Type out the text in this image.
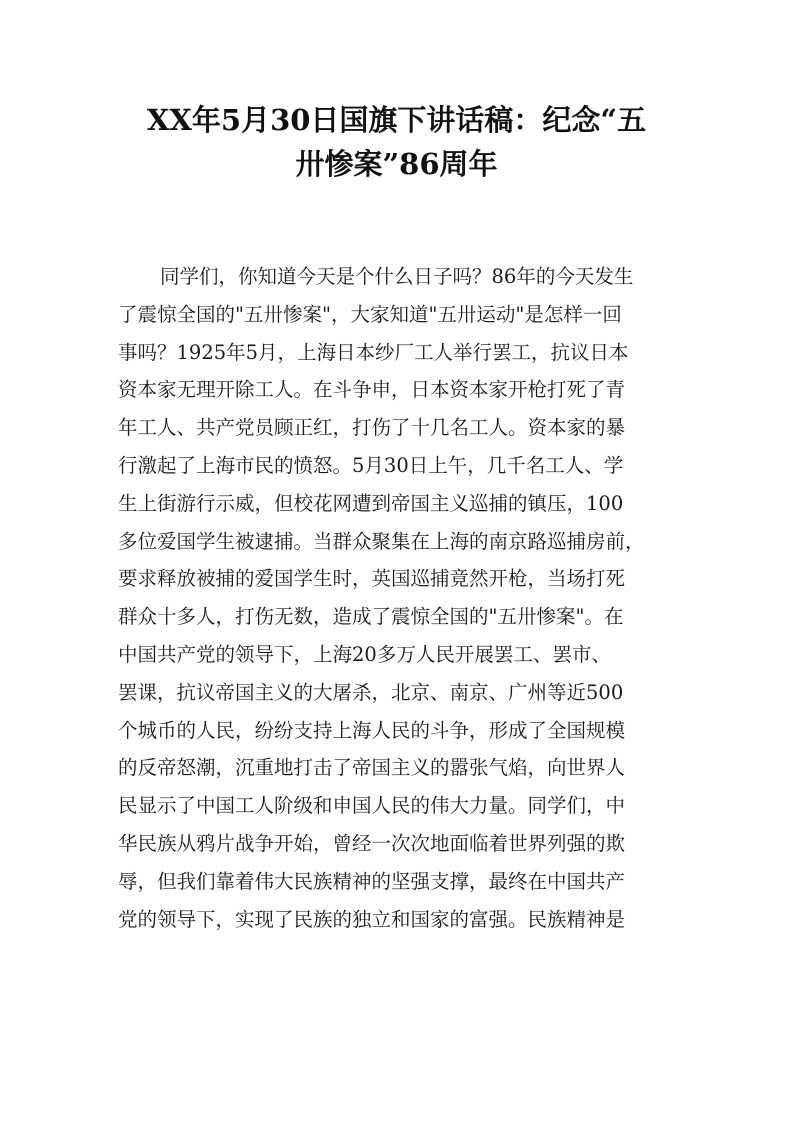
XX年5月30日国旗下讲话稿：纪念“五
卅惨案”86周年
同学们，你知道今天是个什么日子吗？86年的今天发生
了震惊全国的"五卅惨案"，大家知道"五卅运动"是怎样一回
事吗？1925年5月，上海日本纱厂工人举行罢工，抗议日本
资本家无理开除工人。在斗争申，日本资本家开枪打死了青
年工人、共产党员顾正红，打伤了十几名工人。资本家的暴
行激起了上海市民的愤怒。5月30日上午，几千名工人、学
生上街游行示威，但校花网遭到帝国主义巡捕的镇压，100
多位爱国学生被逮捕。当群众聚集在上海的南京路巡捕房前，
要求释放被捕的爱国学生时，英国巡捕竟然开枪，当场打死
群众十多人，打伤无数，造成了震惊全国的"五卅惨案"。在
中国共产党的领导下，上海20多万人民开展罢工、罢市、
罢课，抗议帝国主义的大屠杀，北京、南京、广州等近500
个城币的人民，纷纷支持上海人民的斗争，形成了全国规模
的反帝怒潮，沉重地打击了帝国主义的嚣张气焰，向世界人
民显示了中国工人阶级和申国人民的伟大力量。同学们，中
华民族从鸦片战争开始，曾经一次次地面临着世界列强的欺
辱，但我们靠着伟大民族精神的坚强支撑，最终在中国共产
党的领导下，实现了民族的独立和国家的富强。民族精神是
